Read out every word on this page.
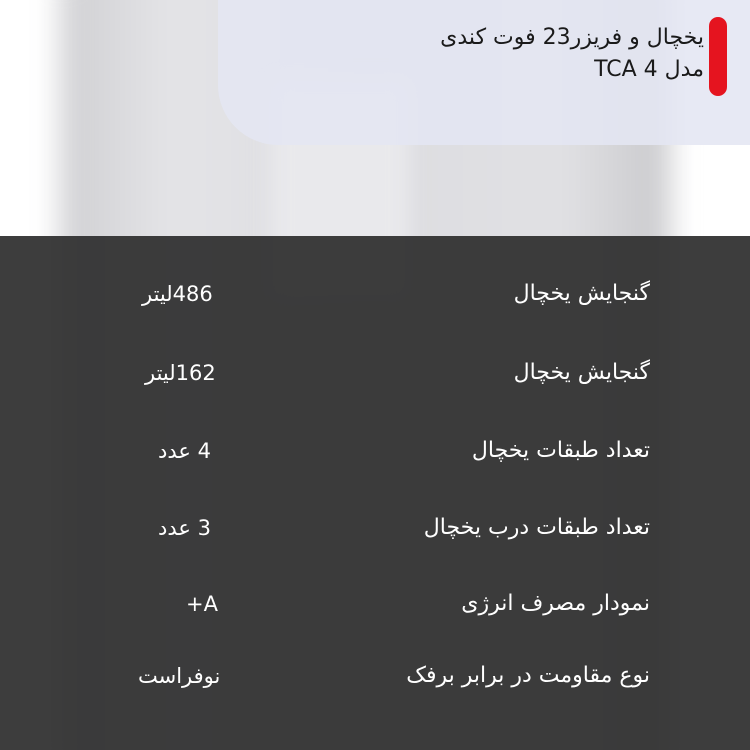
یخچال و فریزر23 فوت کندی
مدل TCA 4
گنجایش یخچال
486لیتر
گنجایش یخچال
162لیتر
تعداد طبقات یخچال
4 عدد
تعداد طبقات درب یخچال
3 عدد
نمودار مصرف انرژی
A+
نوع مقاومت در برابر برفک
نوفراست
